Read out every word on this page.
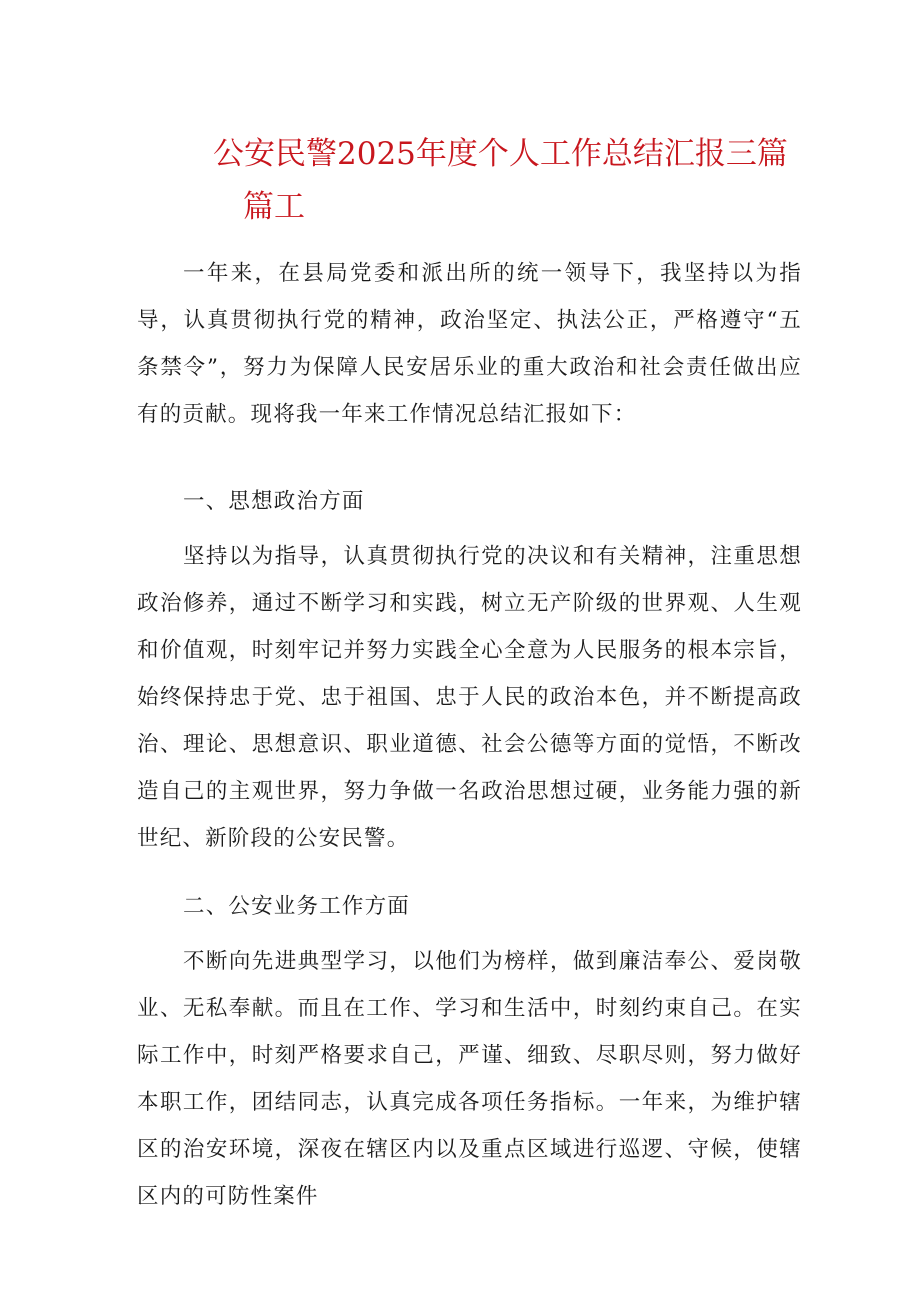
公安民警2025年度个人工作总结汇报三篇
篇工

一年来，在县局党委和派出所的统一领导下，我坚持以为指导，认真贯彻执行党的精神，政治坚定、执法公正，严格遵守“五条禁令”，努力为保障人民安居乐业的重大政治和社会责任做出应有的贡献。现将我一年来工作情况总结汇报如下：

一、思想政治方面

坚持以为指导，认真贯彻执行党的决议和有关精神，注重思想政治修养，通过不断学习和实践，树立无产阶级的世界观、人生观和价值观，时刻牢记并努力实践全心全意为人民服务的根本宗旨，始终保持忠于党、忠于祖国、忠于人民的政治本色，并不断提高政治、理论、思想意识、职业道德、社会公德等方面的觉悟，不断改造自己的主观世界，努力争做一名政治思想过硬，业务能力强的新世纪、新阶段的公安民警。

二、公安业务工作方面

不断向先进典型学习，以他们为榜样，做到廉洁奉公、爱岗敬业、无私奉献。而且在工作、学习和生活中，时刻约束自己。在实际工作中，时刻严格要求自己，严谨、细致、尽职尽则，努力做好本职工作，团结同志，认真完成各项任务指标。一年来，为维护辖区的治安环境，深夜在辖区内以及重点区域进行巡逻、守候，使辖区内的可防性案件
